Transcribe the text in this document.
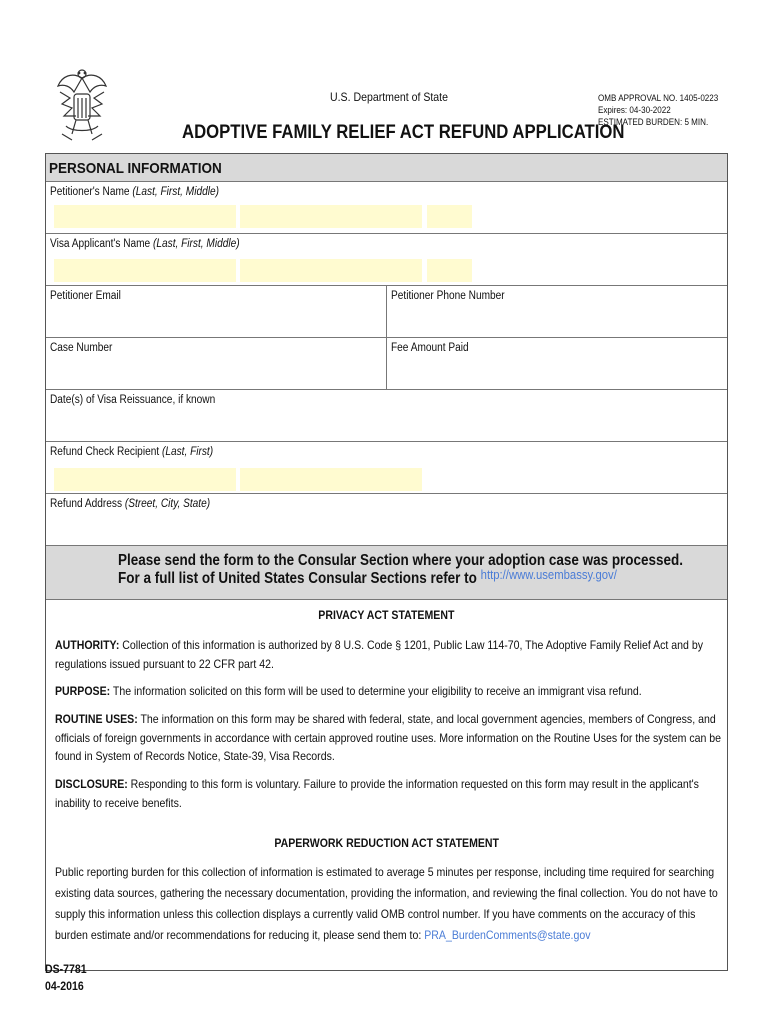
U.S. Department of State	OMB APPROVAL NO. 1405-0223
Expires: 04-30-2022
ESTIMATED BURDEN: 5 MIN.
ADOPTIVE FAMILY RELIEF ACT REFUND APPLICATION
PERSONAL INFORMATION
Petitioner's Name (Last, First, Middle)
Visa Applicant's Name (Last, First, Middle)
Petitioner Email	Petitioner Phone Number
Case Number	Fee Amount Paid
Date(s) of Visa Reissuance, if known
Refund Check Recipient (Last, First)
Refund Address (Street, City, State)
Please send the form to the Consular Section where your adoption case was processed.
For a full list of United States Consular Sections refer to $^{http://www.usembassy.gov/}$
PRIVACY ACT STATEMENT
AUTHORITY: Collection of this information is authorized by 8 U.S. Code § 1201, Public Law 114-70, The Adoptive Family Relief Act and by regulations issued pursuant to 22 CFR part 42.
PURPOSE: The information solicited on this form will be used to determine your eligibility to receive an immigrant visa refund.
ROUTINE USES: The information on this form may be shared with federal, state, and local government agencies, members of Congress, and officials of foreign governments in accordance with certain approved routine uses. More information on the Routine Uses for the system can be found in System of Records Notice, State-39, Visa Records.
DISCLOSURE: Responding to this form is voluntary. Failure to provide the information requested on this form may result in the applicant's inability to receive benefits.
PAPERWORK REDUCTION ACT STATEMENT
Public reporting burden for this collection of information is estimated to average 5 minutes per response, including time required for searching existing data sources, gathering the necessary documentation, providing the information, and reviewing the final collection. You do not have to supply this information unless this collection displays a currently valid OMB control number. If you have comments on the accuracy of this burden estimate and/or recommendations for reducing it, please send them to: PRA_BurdenComments@state.gov
DS-7781
04-2016
